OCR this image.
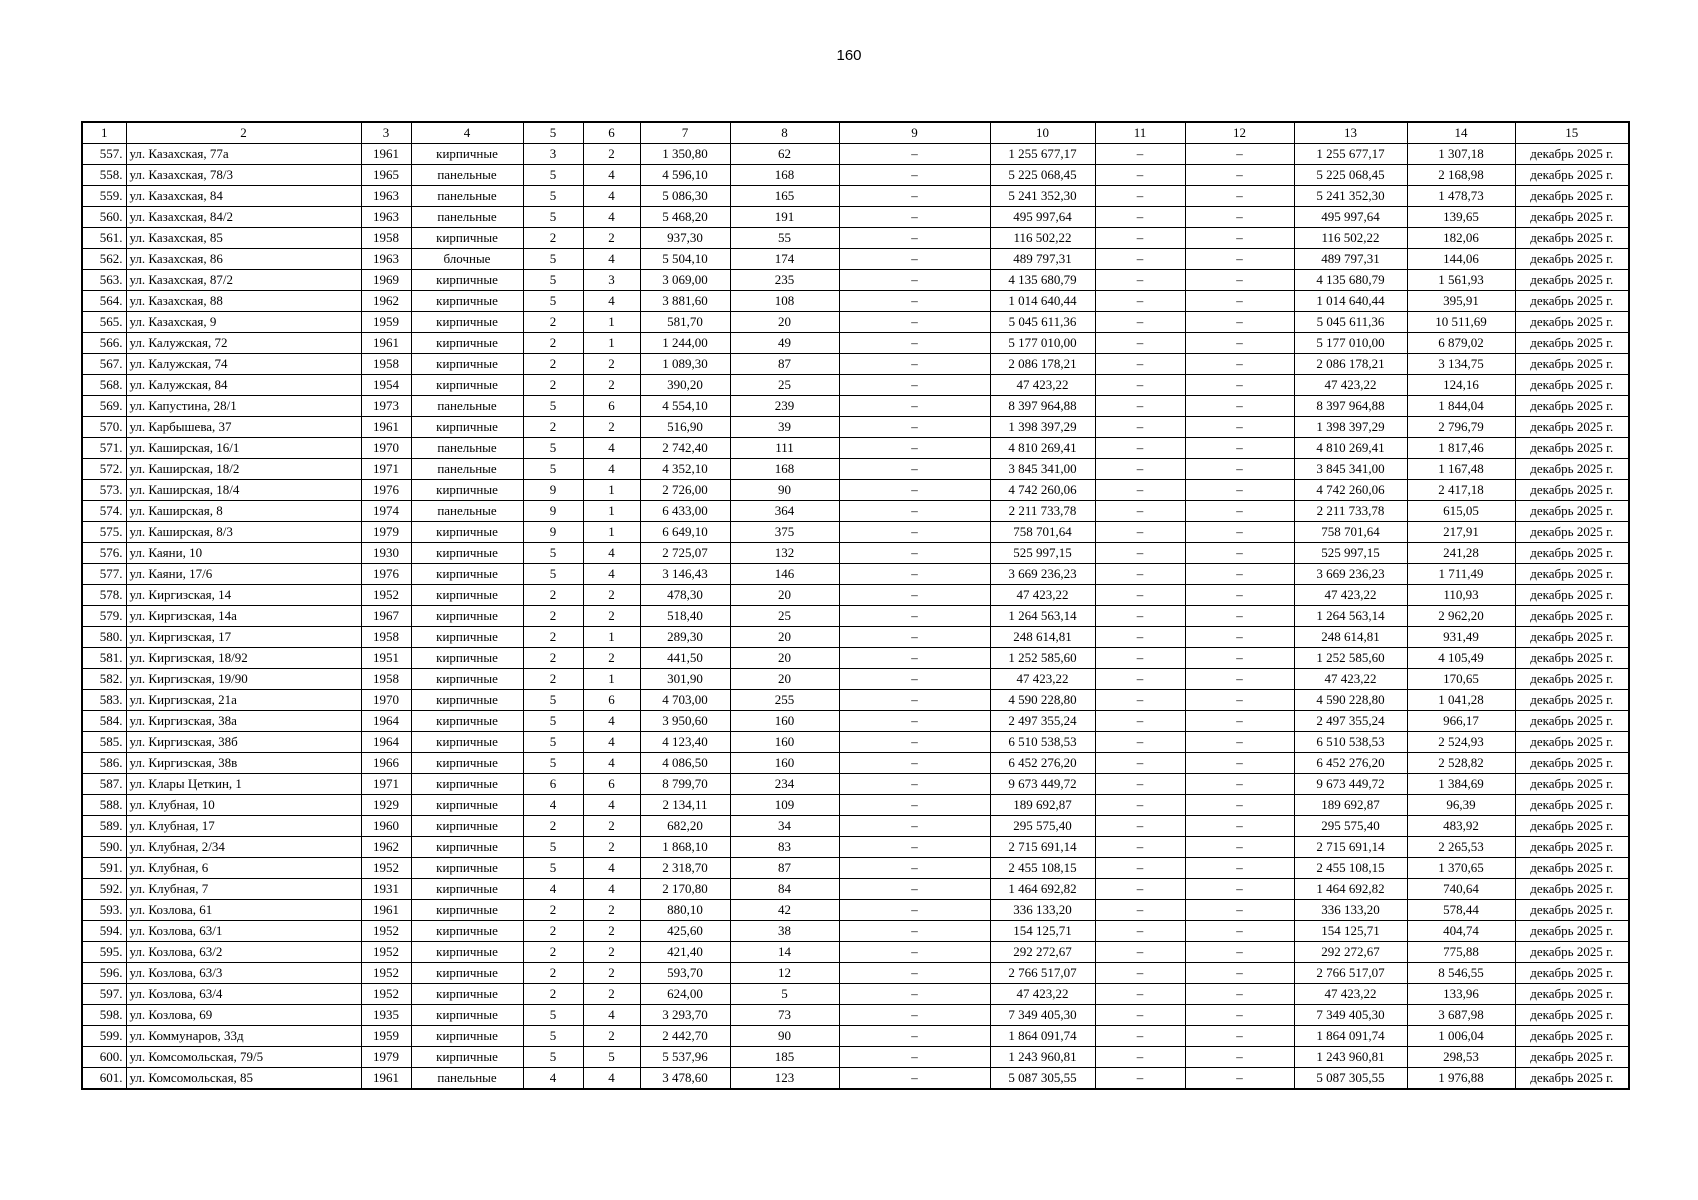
160
1	2	3	4	5	6	7	8	9	10	11	12	13	14	15
557.	ул. Казахская, 77а	1961	кирпичные	3	2	1 350,80	62	–	1 255 677,17	–	–	1 255 677,17	1 307,18	декабрь 2025 г.
558.	ул. Казахская, 78/3	1965	панельные	5	4	4 596,10	168	–	5 225 068,45	–	–	5 225 068,45	2 168,98	декабрь 2025 г.
559.	ул. Казахская, 84	1963	панельные	5	4	5 086,30	165	–	5 241 352,30	–	–	5 241 352,30	1 478,73	декабрь 2025 г.
560.	ул. Казахская, 84/2	1963	панельные	5	4	5 468,20	191	–	495 997,64	–	–	495 997,64	139,65	декабрь 2025 г.
561.	ул. Казахская, 85	1958	кирпичные	2	2	937,30	55	–	116 502,22	–	–	116 502,22	182,06	декабрь 2025 г.
562.	ул. Казахская, 86	1963	блочные	5	4	5 504,10	174	–	489 797,31	–	–	489 797,31	144,06	декабрь 2025 г.
563.	ул. Казахская, 87/2	1969	кирпичные	5	3	3 069,00	235	–	4 135 680,79	–	–	4 135 680,79	1 561,93	декабрь 2025 г.
564.	ул. Казахская, 88	1962	кирпичные	5	4	3 881,60	108	–	1 014 640,44	–	–	1 014 640,44	395,91	декабрь 2025 г.
565.	ул. Казахская, 9	1959	кирпичные	2	1	581,70	20	–	5 045 611,36	–	–	5 045 611,36	10 511,69	декабрь 2025 г.
566.	ул. Калужская, 72	1961	кирпичные	2	1	1 244,00	49	–	5 177 010,00	–	–	5 177 010,00	6 879,02	декабрь 2025 г.
567.	ул. Калужская, 74	1958	кирпичные	2	2	1 089,30	87	–	2 086 178,21	–	–	2 086 178,21	3 134,75	декабрь 2025 г.
568.	ул. Калужская, 84	1954	кирпичные	2	2	390,20	25	–	47 423,22	–	–	47 423,22	124,16	декабрь 2025 г.
569.	ул. Капустина, 28/1	1973	панельные	5	6	4 554,10	239	–	8 397 964,88	–	–	8 397 964,88	1 844,04	декабрь 2025 г.
570.	ул. Карбышева, 37	1961	кирпичные	2	2	516,90	39	–	1 398 397,29	–	–	1 398 397,29	2 796,79	декабрь 2025 г.
571.	ул. Каширская, 16/1	1970	панельные	5	4	2 742,40	111	–	4 810 269,41	–	–	4 810 269,41	1 817,46	декабрь 2025 г.
572.	ул. Каширская, 18/2	1971	панельные	5	4	4 352,10	168	–	3 845 341,00	–	–	3 845 341,00	1 167,48	декабрь 2025 г.
573.	ул. Каширская, 18/4	1976	кирпичные	9	1	2 726,00	90	–	4 742 260,06	–	–	4 742 260,06	2 417,18	декабрь 2025 г.
574.	ул. Каширская, 8	1974	панельные	9	1	6 433,00	364	–	2 211 733,78	–	–	2 211 733,78	615,05	декабрь 2025 г.
575.	ул. Каширская, 8/3	1979	кирпичные	9	1	6 649,10	375	–	758 701,64	–	–	758 701,64	217,91	декабрь 2025 г.
576.	ул. Каяни, 10	1930	кирпичные	5	4	2 725,07	132	–	525 997,15	–	–	525 997,15	241,28	декабрь 2025 г.
577.	ул. Каяни, 17/6	1976	кирпичные	5	4	3 146,43	146	–	3 669 236,23	–	–	3 669 236,23	1 711,49	декабрь 2025 г.
578.	ул. Киргизская, 14	1952	кирпичные	2	2	478,30	20	–	47 423,22	–	–	47 423,22	110,93	декабрь 2025 г.
579.	ул. Киргизская, 14а	1967	кирпичные	2	2	518,40	25	–	1 264 563,14	–	–	1 264 563,14	2 962,20	декабрь 2025 г.
580.	ул. Киргизская, 17	1958	кирпичные	2	1	289,30	20	–	248 614,81	–	–	248 614,81	931,49	декабрь 2025 г.
581.	ул. Киргизская, 18/92	1951	кирпичные	2	2	441,50	20	–	1 252 585,60	–	–	1 252 585,60	4 105,49	декабрь 2025 г.
582.	ул. Киргизская, 19/90	1958	кирпичные	2	1	301,90	20	–	47 423,22	–	–	47 423,22	170,65	декабрь 2025 г.
583.	ул. Киргизская, 21а	1970	кирпичные	5	6	4 703,00	255	–	4 590 228,80	–	–	4 590 228,80	1 041,28	декабрь 2025 г.
584.	ул. Киргизская, 38а	1964	кирпичные	5	4	3 950,60	160	–	2 497 355,24	–	–	2 497 355,24	966,17	декабрь 2025 г.
585.	ул. Киргизская, 38б	1964	кирпичные	5	4	4 123,40	160	–	6 510 538,53	–	–	6 510 538,53	2 524,93	декабрь 2025 г.
586.	ул. Киргизская, 38в	1966	кирпичные	5	4	4 086,50	160	–	6 452 276,20	–	–	6 452 276,20	2 528,82	декабрь 2025 г.
587.	ул. Клары Цеткин, 1	1971	кирпичные	6	6	8 799,70	234	–	9 673 449,72	–	–	9 673 449,72	1 384,69	декабрь 2025 г.
588.	ул. Клубная, 10	1929	кирпичные	4	4	2 134,11	109	–	189 692,87	–	–	189 692,87	96,39	декабрь 2025 г.
589.	ул. Клубная, 17	1960	кирпичные	2	2	682,20	34	–	295 575,40	–	–	295 575,40	483,92	декабрь 2025 г.
590.	ул. Клубная, 2/34	1962	кирпичные	5	2	1 868,10	83	–	2 715 691,14	–	–	2 715 691,14	2 265,53	декабрь 2025 г.
591.	ул. Клубная, 6	1952	кирпичные	5	4	2 318,70	87	–	2 455 108,15	–	–	2 455 108,15	1 370,65	декабрь 2025 г.
592.	ул. Клубная, 7	1931	кирпичные	4	4	2 170,80	84	–	1 464 692,82	–	–	1 464 692,82	740,64	декабрь 2025 г.
593.	ул. Козлова, 61	1961	кирпичные	2	2	880,10	42	–	336 133,20	–	–	336 133,20	578,44	декабрь 2025 г.
594.	ул. Козлова, 63/1	1952	кирпичные	2	2	425,60	38	–	154 125,71	–	–	154 125,71	404,74	декабрь 2025 г.
595.	ул. Козлова, 63/2	1952	кирпичные	2	2	421,40	14	–	292 272,67	–	–	292 272,67	775,88	декабрь 2025 г.
596.	ул. Козлова, 63/3	1952	кирпичные	2	2	593,70	12	–	2 766 517,07	–	–	2 766 517,07	8 546,55	декабрь 2025 г.
597.	ул. Козлова, 63/4	1952	кирпичные	2	2	624,00	5	–	47 423,22	–	–	47 423,22	133,96	декабрь 2025 г.
598.	ул. Козлова, 69	1935	кирпичные	5	4	3 293,70	73	–	7 349 405,30	–	–	7 349 405,30	3 687,98	декабрь 2025 г.
599.	ул. Коммунаров, 33д	1959	кирпичные	5	2	2 442,70	90	–	1 864 091,74	–	–	1 864 091,74	1 006,04	декабрь 2025 г.
600.	ул. Комсомольская, 79/5	1979	кирпичные	5	5	5 537,96	185	–	1 243 960,81	–	–	1 243 960,81	298,53	декабрь 2025 г.
601.	ул. Комсомольская, 85	1961	панельные	4	4	3 478,60	123	–	5 087 305,55	–	–	5 087 305,55	1 976,88	декабрь 2025 г.
